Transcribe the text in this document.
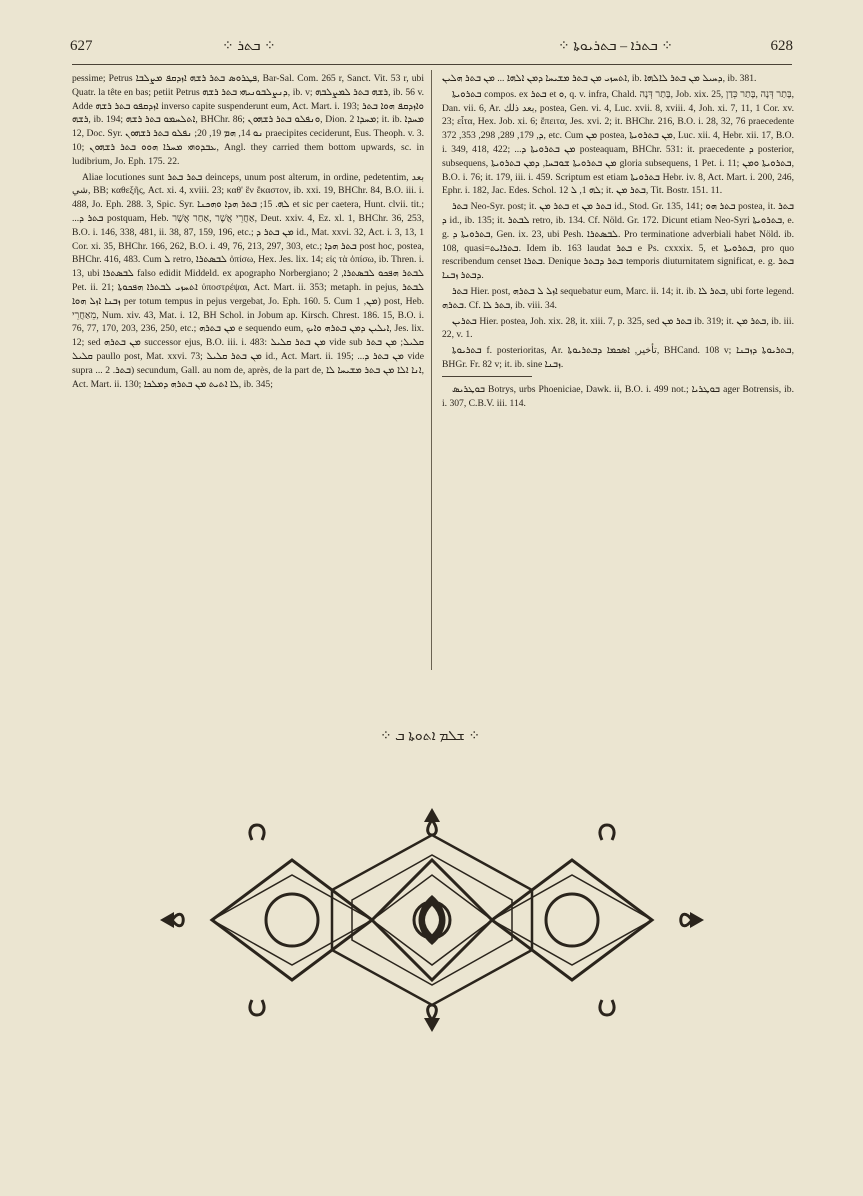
627	⁘ ܒܬܪ ⁘	⁘ ܒܬܪܐ – ܒܬܪܝܘܬܐ ⁘	628

pessime; Petrus ܦܛܪܘܣ ܒܬܪ ܪܫܗ ܐܙܕܩܦ ܡܨܠܒܐ, Bar-Sal. Com. 265 r, Sanct. Vit. 53 r, ubi Quatr. la tête en bas; petiit Petrus ܕܢܨܠܒܘܢܝܗܝ ܒܬܪ ܪܫܗ, ib. v; ܪܫܗ ܒܬܪ ܠܡܨܠܒܗ, ib. 56 v. Adde ܐܙܕܩܦܘ ܒܬܪ ܪܫܗ inverso capite suspenderunt eum, Act. Mart. i. 193; ܘܐܙܕܩܦ ܗܘܐ ܒܬܪ ܪܫܗ, ib. 194; ܐܬܠܚܡܘ ܒܬܪ ܪܫܗ, BHChr. 86; ܘܢܦܠܘ ܒܬܪ ܪܫܗܘܢ, Dion. ܡܚܕܐ 2; it. ib. ܡܚܕܐ 12, Doc. Syr. ܢܘ 14, ܗܡ 19, 20; ܢܦܠܘ ܒܬܪ ܪܫܗܘܢ praecipites ceciderunt, Eus. Theoph. v. 3. 10; ܥܒܕܘܗܝ ܡܚܪܐ ܗܘܘ ܒܬܪ ܪܫܗܘܢ, Angl. they carried them bottom upwards, sc. in ludibrium, Jo. Eph. 175. 22.

Aliae locutiones sunt ܒܬܪ ܒܬܪ deinceps, unum post alterum, in ordine, pedetentim, بعد شي, BB; καθεξῆς, Act. xi. 4, xviii. 23; καθ' ἓν ἕκαστον, ib. xxi. 19, BHChr. 84, B.O. iii. i. 488, Jo. Eph. 288. 3, Spic. Syr. ܠܗ. 15; ܒܬܪ ܗܕܐ ܘܗܟܢܐ et sic per caetera, Hunt. clvii. tit.; ...ܒܬܪ ܕ postquam, Heb. אַחֲרֵי אֲשֶׁר ,אַחַר אֲשֶׁר, Deut. xxiv. 4, Ez. xl. 1, BHChr. 36, 253, B.O. i. 146, 338, 481, ii. 38, 87, 159, 196, etc.; ܡܢ ܒܬܪ ܕ id., Mat. xxvi. 32, Act. i. 3, 13, 1 Cor. xi. 35, BHChr. 166, 262, B.O. i. 49, 76, 213, 297, 303, etc.; ܒܬܪ ܗܕܐ post hoc, postea, BHChr. 416, 483. Cum ܠ retro, ܠܒܣܬܪܐ ὀπίσω, Hex. Jes. lix. 14; εἰς τὰ ὀπίσω, ib. Thren. i. 13, ubi ܠܒܣܬܪܐ falso edidit Middeld. ex apographo Norbergiano; ܠܒܬܪ ܗܦܟܘ ܠܒܣܬܪܐ, 2 Pet. ii. 21; ܐܬܚܙܝ ܠܒܬܪܐ ܗܦܟܘܬܐ ὑποστρέψαι, Act. Mart. ii. 353; metaph. in pejus, ܠܒܬܪ ܙܒܢܐ ܐܙܠ ܗܘܐ per totum tempus in pejus vergebat, Jo. Eph. 160. 5. Cum ܡܢ, 1) post, Heb. מֵאַחֲרֵי, Num. xiv. 43, Mat. i. 12, BH Schol. in Jobum ap. Kirsch. Chrest. 186. 15, B.O. i. 76, 77, 170, 203, 236, 250, etc.; ܡܢ ܒܬܪܗ e sequendo eum, ܐܝܠܝܢ ܕܡܢ ܒܬܪܗ ܘܐܝܟ, Jes. lix. 12; sed ܡܢ ܒܬܪܗ successor ejus, B.O. iii. i. 483: ܡܢ ܒܬܪ ܩܠܝܠ vide sub ܩܠܝܠ; ܡܢ ܒܬܪ ܩܠܝܠ paullo post, Mat. xxvi. 73; ܡܢ ܒܬܪ ܩܠܝܠ id., Act. Mart. ii. 195; ...ܡܢ ܒܬܪ ܕ vide supra ... ܒܬܪ. 2) secundum, Gall. au nom de, après, de la part de, ܐܢܐ ܐܠܐ ܡܢ ܒܬܪ ܡܫܝܚܐ ܠܐ, Act. Mart. ii. 130; ܠܐ ܐܬܝܬ ܡܢ ܒܬܪܗ ܕܡܠܟܐ, ib. 345;

ܐܬܚܙܝ ܡܢ ܒܬܪ ܡܫܝܚܐ ܕܡܢ ܐܠܗܐ ... ܡܢ ܒܬܪ ܗܠܝܢ, ib. ܕܚܝܠ ܡܢ ܒܬܪ ܠܐܠܗܐ, ib. 381.

ܒܬܪܘܝܬܐ compos. ex ܒܬܪ et ܘ, q. v. infra, Chald. בָּתַר דְּנָה, Job. xix. 25, בָּתַר דְּנָה ,בָּתַר כְּדַן, Dan. vii. 6, Ar. بعد ذلك, postea, Gen. vi. 4, Luc. xvii. 8, xviii. 4, Joh. xi. 7, 11, 1 Cor. xv. 23; εἶτα, Hex. Job. xi. 6; ἔπειτα, Jes. xvi. 2; it. BHChr. 216, B.O. i. 28, 32, 76 praecedente ܕ, 179, 289, 298, 353, 372, etc. Cum ܡܢ postea, ܡܢ ܒܬܪܘܝܬܐ, Luc. xii. 4, Hebr. xii. 17, B.O. i. 349, 418, 422; ...ܡܢ ܒܬܪܘܝܬܐ ܕ posteaquam, BHChr. 531: it. praecedente ܕ posterior, subsequens, ܡܢ ܒܬܪܘܝܬܐ ܫܘܒܚܐ, ܕܡܢ ܒܬܪܘܝܬܐ gloria subsequens, 1 Pet. i. 11; ܒܬܪܘܝܬܐ ܘܡܢ, B.O. i. 76; it. 179, iii. i. 459. Scriptum est etiam ܒܬܪܘܝܬܐ Hebr. iv. 8, Act. Mart. i. 200, 246, Ephr. i. 182, Jac. Edes. Schol. ܠܗ 1, ܠ 12; it. ܒܬܪ ܡܢ, Tit. Bostr. 151. 11.

ܒܬܪ Neo-Syr. post; it. ܒܬܪ ܡܢ et ܒܬܪ ܡܢ id., Stod. Gr. 135, 141; ܒܬܪ ܗܘ postea, it. ܒܬܪ ܕ id., ib. 135; it. ܠܒܬܪ retro, ib. 134. Cf. Nöld. Gr. 172. Dicunt etiam Neo-Syri ܒܬܪܘܝܬܐ, e. g. ܒܬܪܘܝܬܐ ܕ, Gen. ix. 23, ubi Pesh. ܠܒܣܬܪܐ. Pro terminatione adverbiali habet Nöld. ib. 108, quasi=ܒܬܪܐܝܬ. Idem ib. 163 laudat ܒܬܪ e Ps. cxxxix. 5, et ܒܬܪܘܝܬܐ, pro quo rescribendum censet ܒܬܪܐ. Denique ܒܬܪ ܕܒܬܪ temporis diuturnitatem significat, e. g. ܒܬܪ ܕܒܬܪ ܙܒܢܐ.

ܒܬܪ Hier. post, ܐܙܠ ܠ ܒܬܪܗ sequebatur eum, Marc. ii. 14; it. ib. ܒܬܪ ܠܐ, ubi forte legend. ܒܬܪܗ. Cf. ܒܬܪ ܠܐ, ib. viii. 34.

ܒܬܪܝܢ Hier. postea, Joh. xix. 28, it. xiii. 7, p. 325, sed ܒܬܪ ܡܢ ib. 319; it. ܒܬܪ ܡܢ, ib. iii. 22, v. 1.

ܒܬܪܝܘܬܐ f. posterioritas, Ar. تأخير, ܐܣܟܡܐ ܕܒܬܪܝܘܬܐ, BHCand. 108 v; ܒܬܪܝܘܬܐ ܕܙܒܢܐ, BHGr. Fr. 82 v; it. ib. sine ܙܒܢܐ.

ܒܘܛܪܝܣ Botrys, urbs Phoeniciae, Dawk. ii, B.O. i. 499 not.; ܒܘܛܪܝܐ ager Botrensis, ib. i. 307, C.B.V. iii. 114.

⁘ ܫܠܡ ܐܬܘܬܐ ܒ ⁘
